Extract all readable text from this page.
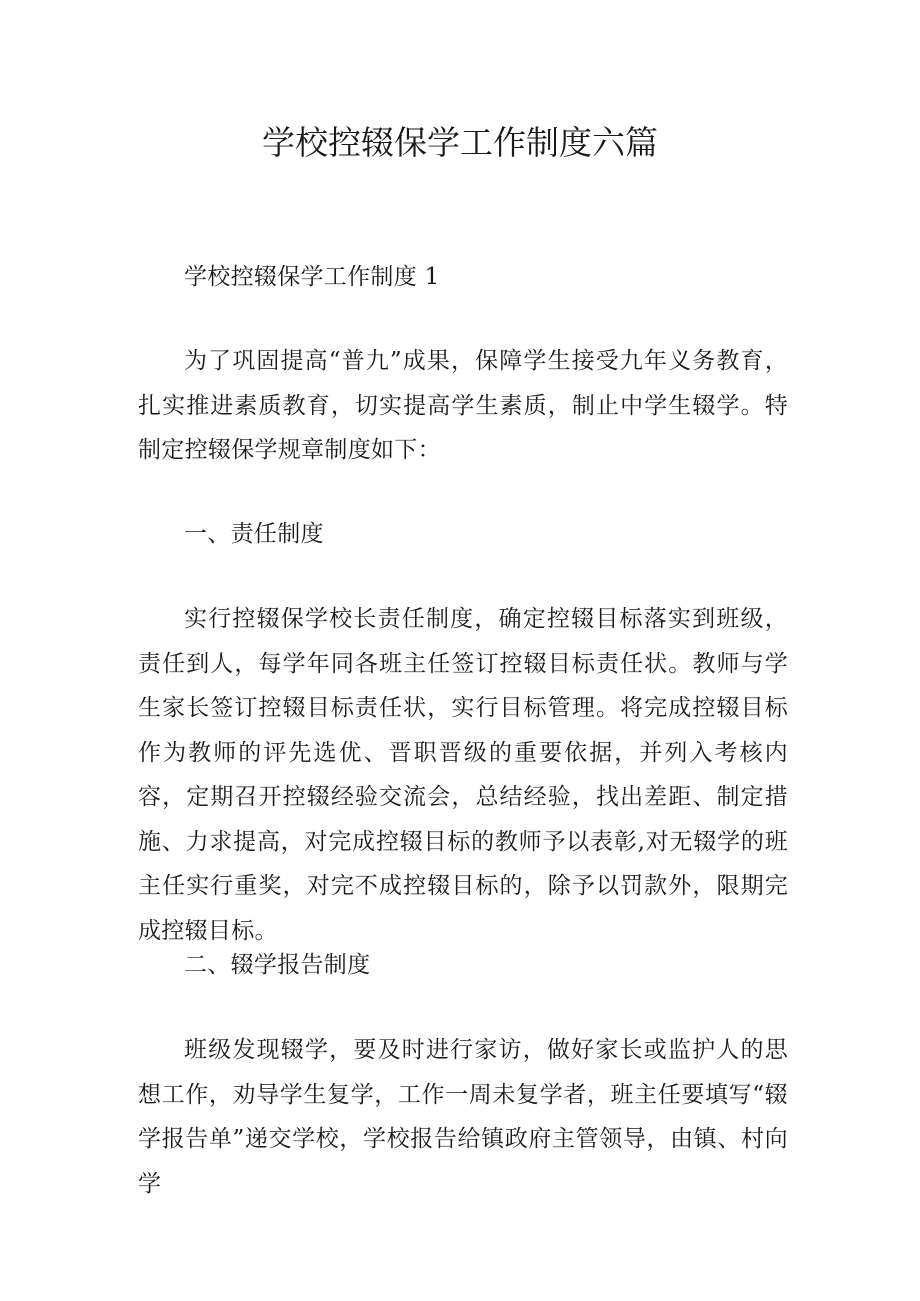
学校控辍保学工作制度六篇

学校控辍保学工作制度 1

为了巩固提高“普九”成果，保障学生接受九年义务教育，扎实推进素质教育，切实提高学生素质，制止中学生辍学。特制定控辍保学规章制度如下：

一、责任制度

实行控辍保学校长责任制度，确定控辍目标落实到班级，责任到人，每学年同各班主任签订控辍目标责任状。教师与学生家长签订控辍目标责任状，实行目标管理。将完成控辍目标作为教师的评先选优、晋职晋级的重要依据，并列入考核内容，定期召开控辍经验交流会，总结经验，找出差距、制定措施、力求提高，对完成控辍目标的教师予以表彰,对无辍学的班主任实行重奖，对完不成控辍目标的，除予以罚款外，限期完成控辍目标。

二、辍学报告制度

班级发现辍学，要及时进行家访，做好家长或监护人的思想工作，劝导学生复学，工作一周未复学者，班主任要填写“辍学报告单”递交学校，学校报告给镇政府主管领导，由镇、村向学
